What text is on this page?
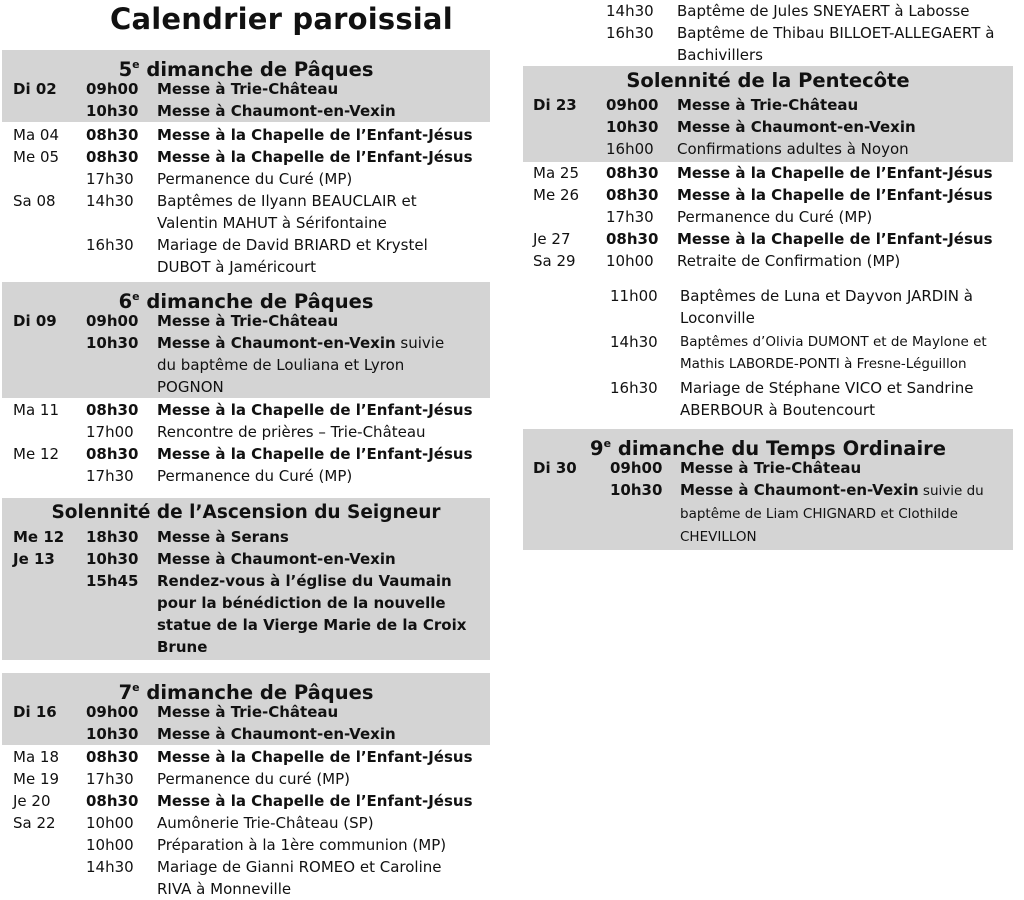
Calendrier paroissial
5e dimanche de Pâques
Di 02 09h00 Messe à Trie-Château
10h30 Messe à Chaumont-en-Vexin
Ma 04 08h30 Messe à la Chapelle de l’Enfant-Jésus
Me 05 08h30 Messe à la Chapelle de l’Enfant-Jésus
17h30 Permanence du Curé (MP)
Sa 08 14h30 Baptêmes de Ilyann BEAUCLAIR et Valentin MAHUT à Sérifontaine
16h30 Mariage de David BRIARD et Krystel DUBOT à Jaméricourt
6e dimanche de Pâques
Di 09 09h00 Messe à Trie-Château
10h30 Messe à Chaumont-en-Vexin suivie du baptême de Louliana et Lyron POGNON
Ma 11 08h30 Messe à la Chapelle de l’Enfant-Jésus
17h00 Rencontre de prières – Trie-Château
Me 12 08h30 Messe à la Chapelle de l’Enfant-Jésus
17h30 Permanence du Curé (MP)
Solennité de l’Ascension du Seigneur
Me 12 18h30 Messe à Serans
Je 13 10h30 Messe à Chaumont-en-Vexin
15h45 Rendez-vous à l’église du Vaumain pour la bénédiction de la nouvelle statue de la Vierge Marie de la Croix Brune
7e dimanche de Pâques
Di 16 09h00 Messe à Trie-Château
10h30 Messe à Chaumont-en-Vexin
Ma 18 08h30 Messe à la Chapelle de l’Enfant-Jésus
Me 19 17h30 Permanence du curé (MP)
Je 20 08h30 Messe à la Chapelle de l’Enfant-Jésus
Sa 22 10h00 Aumônerie Trie-Château (SP)
10h00 Préparation à la 1ère communion (MP)
14h30 Mariage de Gianni ROMEO et Caroline RIVA à Monneville
14h30 Baptême de Jules SNEYAERT à Labosse
16h30 Baptême de Thibau BILLOET-ALLEGAERT à Bachivillers
Solennité de la Pentecôte
Di 23 09h00 Messe à Trie-Château
10h30 Messe à Chaumont-en-Vexin
16h00 Confirmations adultes à Noyon
Ma 25 08h30 Messe à la Chapelle de l’Enfant-Jésus
Me 26 08h30 Messe à la Chapelle de l’Enfant-Jésus
17h30 Permanence du Curé (MP)
Je 27 08h30 Messe à la Chapelle de l’Enfant-Jésus
Sa 29 10h00 Retraite de Confirmation (MP)
11h00 Baptêmes de Luna et Dayvon JARDIN à Loconville
14h30 Baptêmes d’Olivia DUMONT et de Maylone et Mathis LABORDE-PONTI à Fresne-Léguillon
16h30 Mariage de Stéphane VICO et Sandrine ABERBOUR à Boutencourt
9e dimanche du Temps Ordinaire
Di 30 09h00 Messe à Trie-Château
10h30 Messe à Chaumont-en-Vexin suivie du baptême de Liam CHIGNARD et Clothilde CHEVILLON
